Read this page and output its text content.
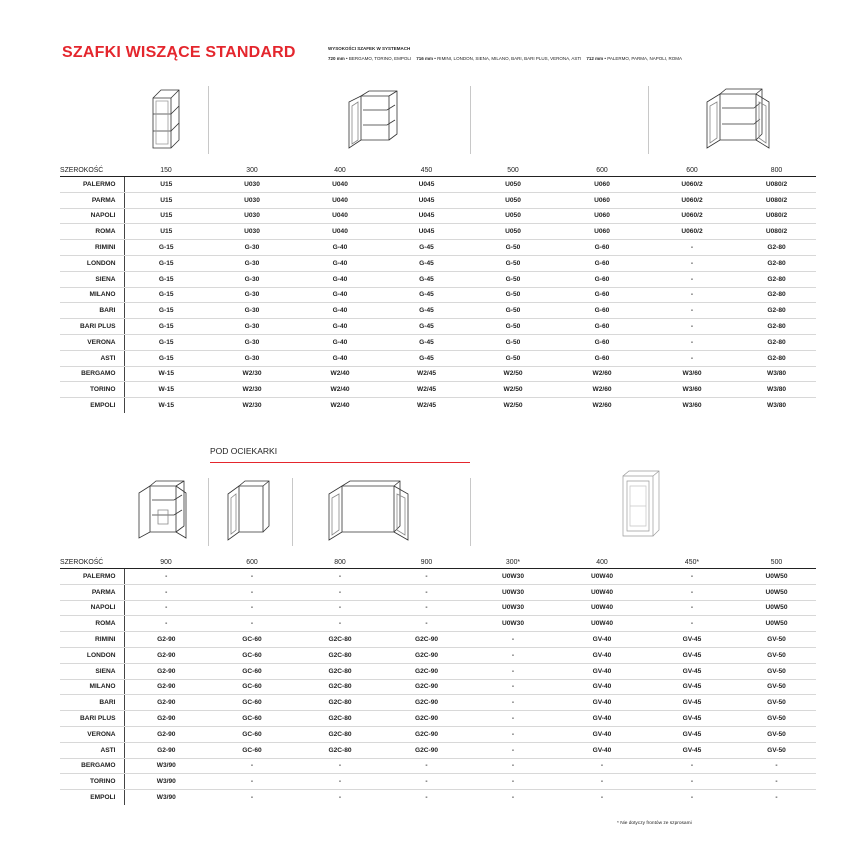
SZAFKI WISZĄCE STANDARD	WYSOKOŚCI SZAFEK W SYSTEMACH
720 mm • BERGAMO, TORINO, EMPOLI 716 mm • RIMINI, LONDON, SIENA, MILANO, BARI, BARI PLUS, VERONA, ASTI 712 mm • PALERMO, PARMA, NAPOLI, ROMA
SZEROKOŚĆ	150	300	400	450	500	600	600	800
PALERMO	U15	U030	U040	U045	U050	U060	U060/2	U080/2
PARMA	U15	U030	U040	U045	U050	U060	U060/2	U080/2
NAPOLI	U15	U030	U040	U045	U050	U060	U060/2	U080/2
ROMA	U15	U030	U040	U045	U050	U060	U060/2	U080/2
RIMINI	G-15	G-30	G-40	G-45	G-50	G-60	-	G2-80
LONDON	G-15	G-30	G-40	G-45	G-50	G-60	-	G2-80
SIENA	G-15	G-30	G-40	G-45	G-50	G-60	-	G2-80
MILANO	G-15	G-30	G-40	G-45	G-50	G-60	-	G2-80
BARI	G-15	G-30	G-40	G-45	G-50	G-60	-	G2-80
BARI PLUS	G-15	G-30	G-40	G-45	G-50	G-60	-	G2-80
VERONA	G-15	G-30	G-40	G-45	G-50	G-60	-	G2-80
ASTI	G-15	G-30	G-40	G-45	G-50	G-60	-	G2-80
BERGAMO	W-15	W2/30	W2/40	W2/45	W2/50	W2/60	W3/60	W3/80
TORINO	W-15	W2/30	W2/40	W2/45	W2/50	W2/60	W3/60	W3/80
EMPOLI	W-15	W2/30	W2/40	W2/45	W2/50	W2/60	W3/60	W3/80
POD OCIEKARKI
SZEROKOŚĆ	900	600	800	900	300*	400	450*	500
PALERMO	-	-	-	-	U0W30	U0W40	-	U0W50
PARMA	-	-	-	-	U0W30	U0W40	-	U0W50
NAPOLI	-	-	-	-	U0W30	U0W40	-	U0W50
ROMA	-	-	-	-	U0W30	U0W40	-	U0W50
RIMINI	G2-90	GC-60	G2C-80	G2C-90	-	GV-40	GV-45	GV-50
LONDON	G2-90	GC-60	G2C-80	G2C-90	-	GV-40	GV-45	GV-50
SIENA	G2-90	GC-60	G2C-80	G2C-90	-	GV-40	GV-45	GV-50
MILANO	G2-90	GC-60	G2C-80	G2C-90	-	GV-40	GV-45	GV-50
BARI	G2-90	GC-60	G2C-80	G2C-90	-	GV-40	GV-45	GV-50
BARI PLUS	G2-90	GC-60	G2C-80	G2C-90	-	GV-40	GV-45	GV-50
VERONA	G2-90	GC-60	G2C-80	G2C-90	-	GV-40	GV-45	GV-50
ASTI	G2-90	GC-60	G2C-80	G2C-90	-	GV-40	GV-45	GV-50
BERGAMO	W3/90	-	-	-	-	-	-	-
TORINO	W3/90	-	-	-	-	-	-	-
EMPOLI	W3/90	-	-	-	-	-	-	-
* Nie dotyczy frontów ze szprosami
